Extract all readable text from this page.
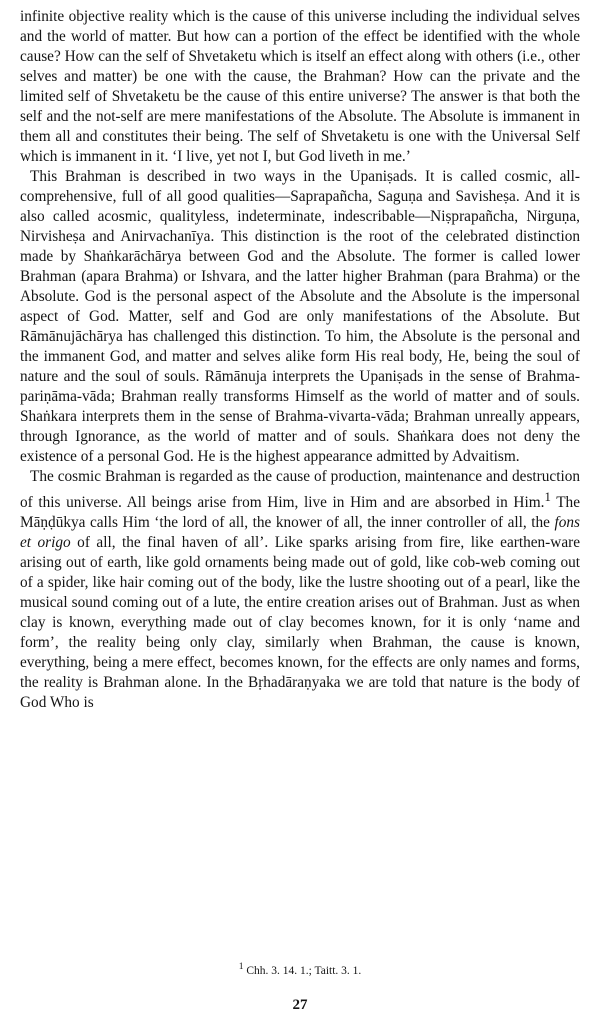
infinite objective reality which is the cause of this universe including the individual selves and the world of matter. But how can a portion of the effect be identified with the whole cause? How can the self of Shvetaketu which is itself an effect along with others (i.e., other selves and matter) be one with the cause, the Brahman? How can the private and the limited self of Shvetaketu be the cause of this entire universe? The answer is that both the self and the not-self are mere manifestations of the Absolute. The Absolute is immanent in them all and constitutes their being. The self of Shvetaketu is one with the Universal Self which is immanent in it. ‘I live, yet not I, but God liveth in me.’

This Brahman is described in two ways in the Upaniṣads. It is called cosmic, all-comprehensive, full of all good qualities—Saprapañcha, Saguṇa and Savisheṣa. And it is also called acosmic, qualityless, indeterminate, indescribable—Niṣprapañcha, Nirguṇa, Nirvisheṣa and Anirvachanīya. This distinction is the root of the celebrated distinction made by Shaṅkarāchārya between God and the Absolute. The former is called lower Brahman (apara Brahma) or Ishvara, and the latter higher Brahman (para Brahma) or the Absolute. God is the personal aspect of the Absolute and the Absolute is the impersonal aspect of God. Matter, self and God are only manifestations of the Absolute. But Rāmānujāchārya has challenged this distinction. To him, the Absolute is the personal and the immanent God, and matter and selves alike form His real body, He, being the soul of nature and the soul of souls. Rāmānuja interprets the Upaniṣads in the sense of Brahma-pariṇāma-vāda; Brahman really transforms Himself as the world of matter and of souls. Shaṅkara interprets them in the sense of Brahma-vivarta-vāda; Brahman unreally appears, through Ignorance, as the world of matter and of souls. Shaṅkara does not deny the existence of a personal God. He is the highest appearance admitted by Advaitism.

The cosmic Brahman is regarded as the cause of production, maintenance and destruction of this universe. All beings arise from Him, live in Him and are absorbed in Him.$^1$ The Māṇḍūkya calls Him ‘the lord of all, the knower of all, the inner controller of all, the fons et origo of all, the final haven of all’. Like sparks arising from fire, like earthen-ware arising out of earth, like gold ornaments being made out of gold, like cob-web coming out of a spider, like hair coming out of the body, like the lustre shooting out of a pearl, like the musical sound coming out of a lute, the entire creation arises out of Brahman. Just as when clay is known, everything made out of clay becomes known, for it is only ‘name and form’, the reality being only clay, similarly when Brahman, the cause is known, everything, being a mere effect, becomes known, for the effects are only names and forms, the reality is Brahman alone. In the Bṛhadāraṇyaka we are told that nature is the body of God Who is

$^1$ Chh. 3. 14. 1.; Taitt. 3. 1.
27
